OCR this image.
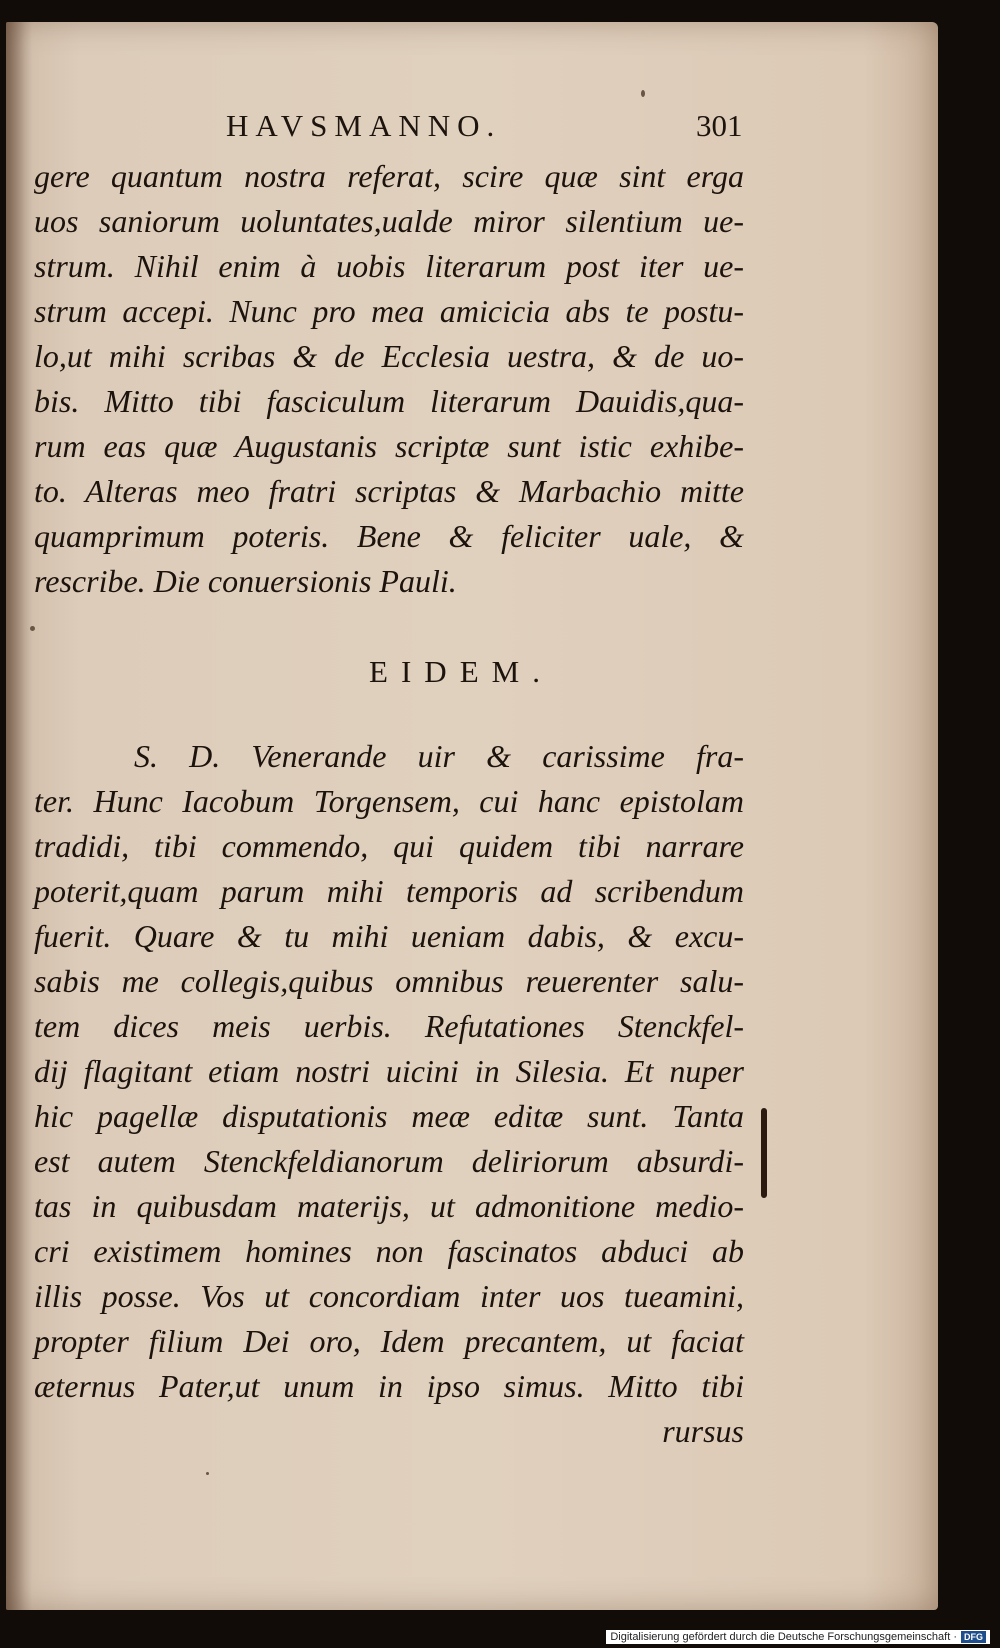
HAVSMANNO.	301
gere quantum nostra referat, scire quæ sint erga
uos saniorum uoluntates,ualde miror silentium ue-
strum. Nihil enim à uobis literarum post iter ue-
strum accepi. Nunc pro mea amicicia abs te postu-
lo,ut mihi scribas & de Ecclesia uestra, & de uo-
bis. Mitto tibi fasciculum literarum Dauidis,qua-
rum eas quæ Augustanis scriptæ sunt istic exhibe-
to. Alteras meo fratri scriptas & Marbachio mitte
quamprimum poteris. Bene & feliciter uale, &
rescribe. Die conuersionis Pauli.
EIDEM.
S. D. Venerande uir & carissime fra-
ter. Hunc Iacobum Torgensem, cui hanc epistolam
tradidi, tibi commendo, qui quidem tibi narrare
poterit,quam parum mihi temporis ad scribendum
fuerit. Quare & tu mihi ueniam dabis, & excu-
sabis me collegis,quibus omnibus reuerenter salu-
tem dices meis uerbis. Refutationes Stenckfel-
dij flagitant etiam nostri uicini in Silesia. Et nuper
hic pagellæ disputationis meæ editæ sunt. Tanta
est autem Stenckfeldianorum deliriorum absurdi-
tas in quibusdam materijs, ut admonitione medio-
cri existimem homines non fascinatos abduci ab
illis posse. Vos ut concordiam inter uos tueamini,
propter filium Dei oro, Idem precantem, ut faciat
æternus Pater,ut unum in ipso simus. Mitto tibi
rursus
Digitalisierung gefördert durch die Deutsche Forschungsgemeinschaft · DFG
